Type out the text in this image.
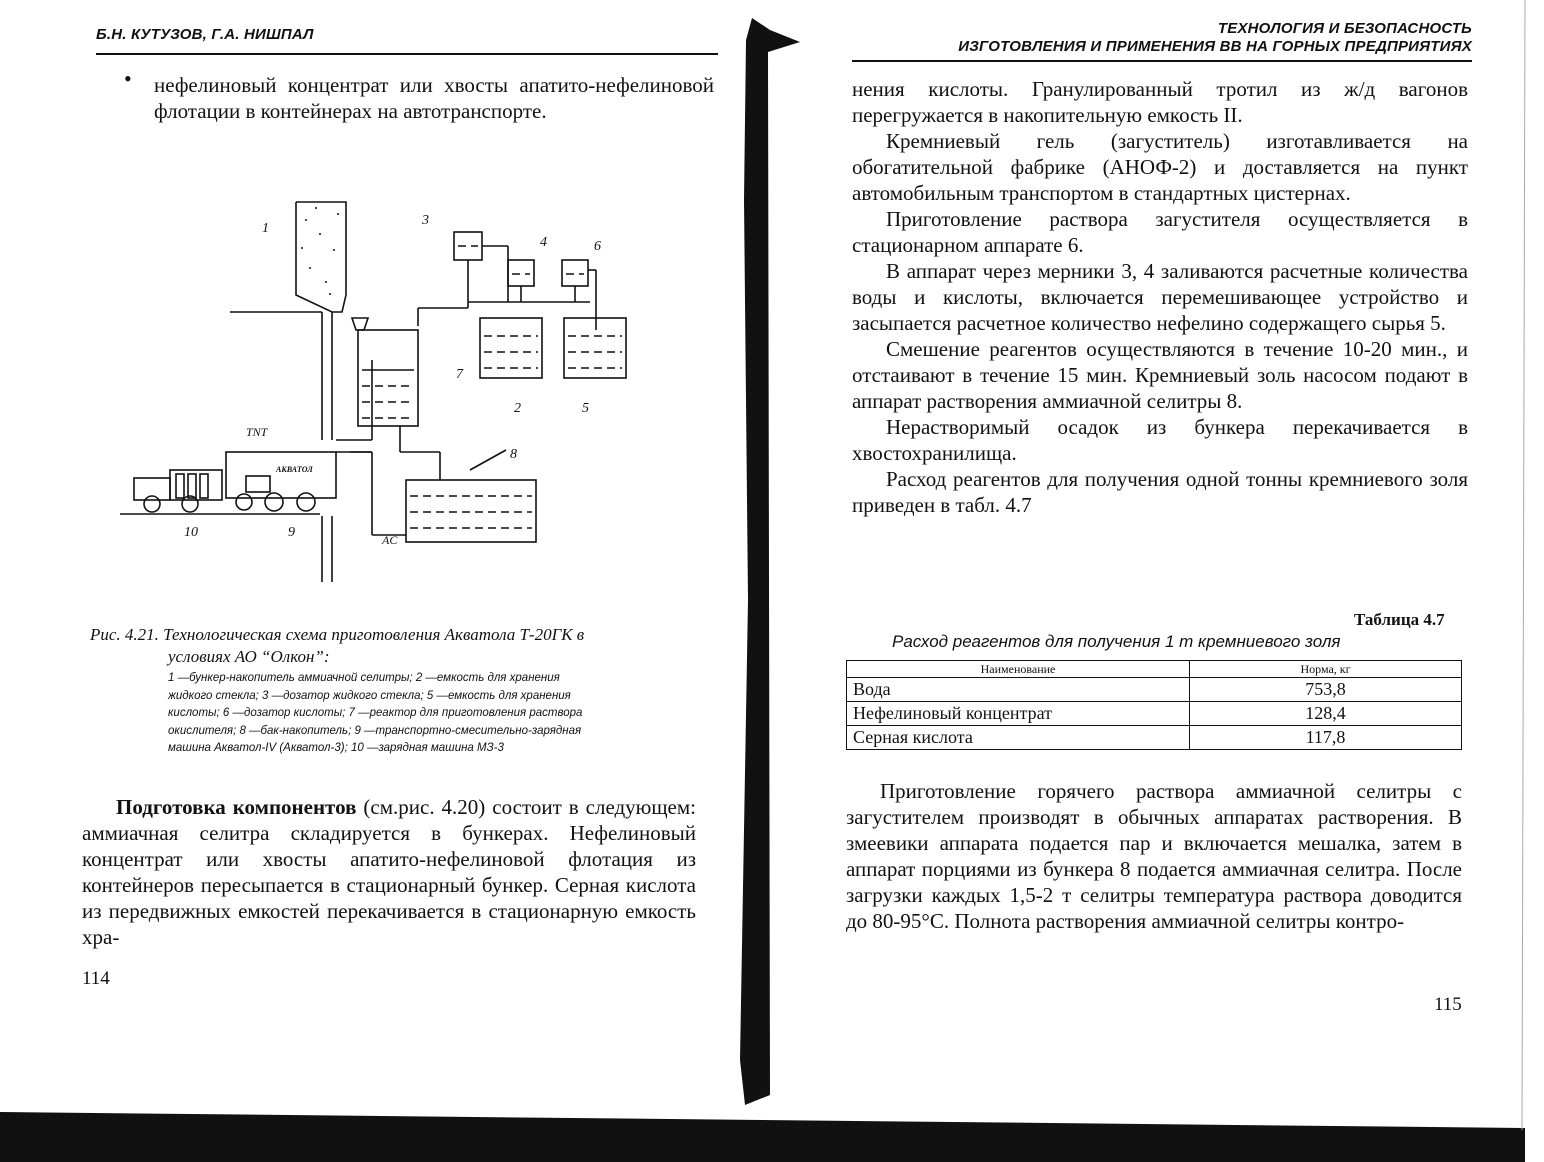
Б.Н. КУТУЗОВ, Г.А. НИШПАЛ
• нефелиновый концентрат или хвосты апатито-нефелиновой флотации в контейнерах на автотранспорте.

1
3
4	6
7
2	5
8
TNT
10	9	AC
АКВАТОЛ
Рис. 4.21. Технологическая схема приготовления Акватола Т-20ГК в
условиях АО “Олкон”:
1 —бункер-накопитель аммиачной селитры; 2 —емкость для хранения
жидкого стекла; 3 —дозатор жидкого стекла; 5 —емкость для хранения
кислоты; 6 —дозатор кислоты; 7 —реактор для приготовления раствора
окислителя; 8 —бак-накопитель; 9 —транспортно-смесительно-зарядная
машина Акватол-IV (Акватол-3); 10 —зарядная машина МЗ-3

Подготовка компонентов (см.рис. 4.20) состоит в следующем: аммиачная селитра складируется в бункерах. Нефелиновый концентрат или хвосты апатито-нефелиновой флотация из контейнеров пересыпается в стационарный бункер. Серная кислота из передвижных емкостей перекачивается в стационарную емкость хра-

114
ТЕХНОЛОГИЯ И БЕЗОПАСНОСТЬ
ИЗГОТОВЛЕНИЯ И ПРИМЕНЕНИЯ ВВ НА ГОРНЫХ ПРЕДПРИЯТИЯХ

нения кислоты. Гранулированный тротил из ж/д вагонов перегружается в накопительную емкость II.

Кремниевый гель (загуститель) изготавливается на обогатительной фабрике (АНОФ-2) и доставляется на пункт автомобильным транспортом в стандартных цистернах.

Приготовление раствора загустителя осуществляется в стационарном аппарате 6.

В аппарат через мерники 3, 4 заливаются расчетные количества воды и кислоты, включается перемешивающее устройство и засыпается расчетное количество нефелино содержащего сырья 5.

Смешение реагентов осуществляются в течение 10-20 мин., и отстаивают в течение 15 мин. Кремниевый золь насосом подают в аппарат растворения аммиачной селитры 8.

Нерастворимый осадок из бункера перекачивается в хвостохранилища.

Расход реагентов для получения одной тонны кремниевого золя приведен в табл. 4.7

Таблица 4.7
Расход реагентов для получения 1 т кремниевого золя
Наименование	Норма, кг
Вода	753,8
Нефелиновый концентрат	128,4
Серная кислота	117,8

Приготовление горячего раствора аммиачной селитры с загустителем производят в обычных аппаратах растворения. В змеевики аппарата подается пар и включается мешалка, затем в аппарат порциями из бункера 8 подается аммиачная селитра. После загрузки каждых 1,5-2 т селитры температура раствора доводится до 80-95°С. Полнота растворения аммиачной селитры контро-

115
